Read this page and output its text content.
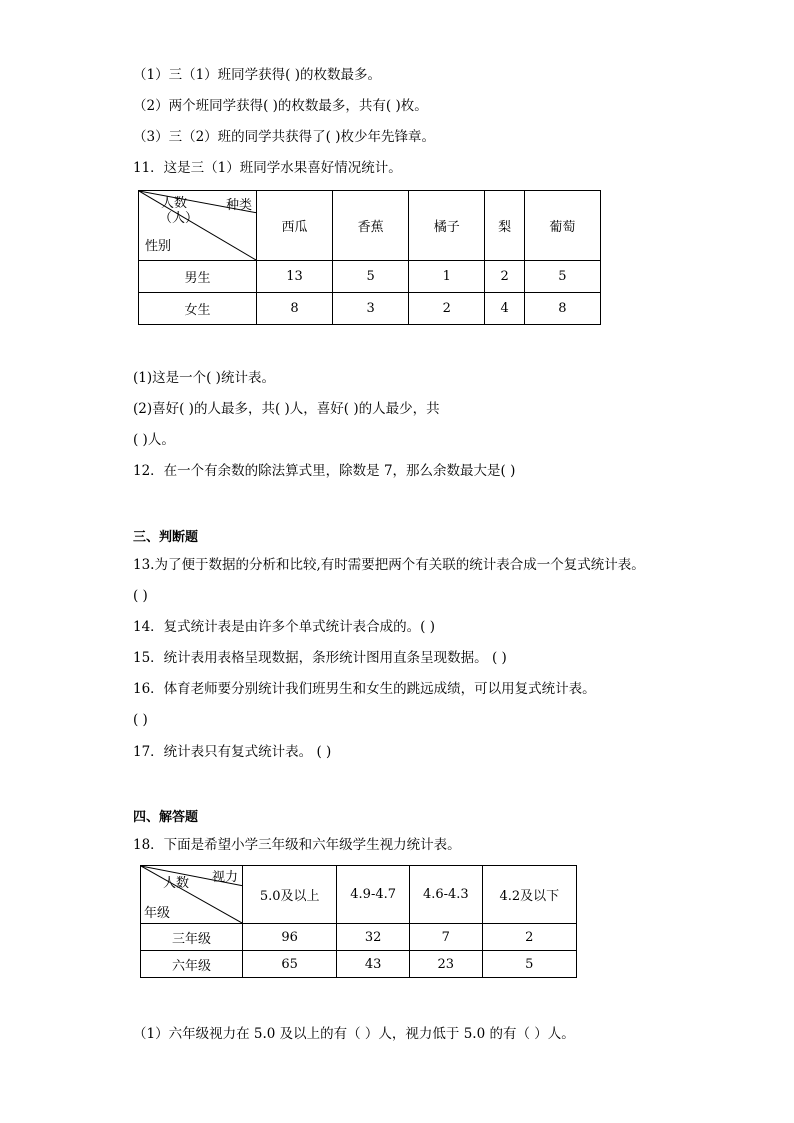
（1）三（1）班同学获得( )的枚数最多。
（2）两个班同学获得( )的枚数最多，共有( )枚。
（3）三（2）班的同学共获得了( )枚少年先锋章。
11．这是三（1）班同学水果喜好情况统计。
种类
人数
（人）
性别	西瓜	香蕉	橘子	梨	葡萄
男生	13	5	1	2	5
女生	8	3	2	4	8
(1)这是一个( )统计表。
(2)喜好( )的人最多，共( )人，喜好( )的人最少，共
( )人。
12．在一个有余数的除法算式里，除数是 7，那么余数最大是( )
三、判断题
13.为了便于数据的分析和比较,有时需要把两个有关联的统计表合成一个复式统计表。
( )
14．复式统计表是由许多个单式统计表合成的。( )
15．统计表用表格呈现数据，条形统计图用直条呈现数据。 ( )
16．体育老师要分别统计我们班男生和女生的跳远成绩，可以用复式统计表。
( )
17．统计表只有复式统计表。 ( )
四、解答题
18．下面是希望小学三年级和六年级学生视力统计表。
视力
人数
年级	5.0及以上	4.9-4.7	4.6-4.3	4.2及以下
三年级	96	32	7	2
六年级	65	43	23	5
（1）六年级视力在 5.0 及以上的有（ ）人，视力低于 5.0 的有（ ）人。
